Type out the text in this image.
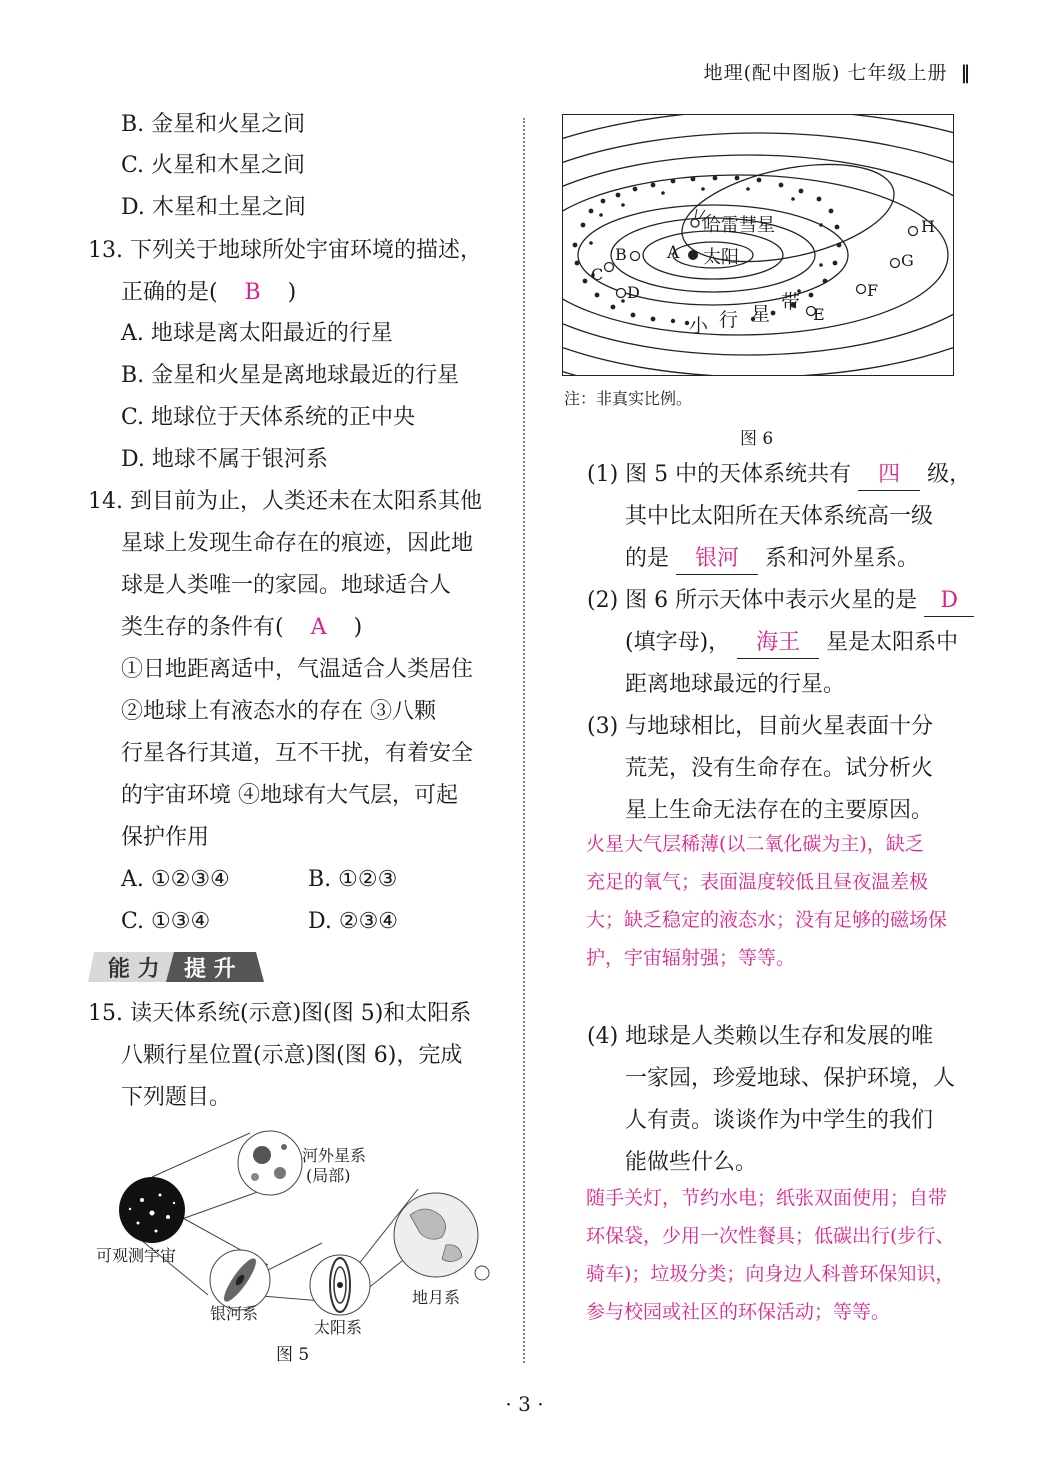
地理(配中图版) 七年级上册 ‖
B. 金星和火星之间
C. 火星和木星之间
D. 木星和土星之间
13. 下列关于地球所处宇宙环境的描述，
正确的是( B )
A. 地球是离太阳最近的行星
B. 金星和火星是离地球最近的行星
C. 地球位于天体系统的正中央
D. 地球不属于银河系
14. 到目前为止，人类还未在太阳系其他
星球上发现生命存在的痕迹，因此地
球是人类唯一的家园。地球适合人
类生存的条件有( A )
①日地距离适中，气温适合人类居住
②地球上有液态水的存在 ③八颗
行星各行其道，互不干扰，有着安全
的宇宙环境 ④地球有大气层，可起
保护作用
A. ①②③④	B. ①②③
C. ①③④	D. ②③④
能 力 提 升
15. 读天体系统(示意)图(图 5)和太阳系
八颗行星位置(示意)图(图 6)，完成
下列题目。
河外星系
(局部)
可观测宇宙
银河系
太阳系
地月系
图 5
哈雷彗星
A 太阳
B
C
D
E
F
G
H
小 行 星
带
注：非真实比例。
图 6
(1) 图 5 中的天体系统共有 四 级，
其中比太阳所在天体系统高一级
的是 银河 系和河外星系。
(2) 图 6 所示天体中表示火星的是 D
(填字母)， 海王 星是太阳系中
距离地球最远的行星。
(3) 与地球相比，目前火星表面十分
荒芜，没有生命存在。试分析火
星上生命无法存在的主要原因。
火星大气层稀薄(以二氧化碳为主)，缺乏
充足的氧气；表面温度较低且昼夜温差极
大；缺乏稳定的液态水；没有足够的磁场保
护，宇宙辐射强；等等。
(4) 地球是人类赖以生存和发展的唯
一家园，珍爱地球、保护环境，人
人有责。谈谈作为中学生的我们
能做些什么。
随手关灯，节约水电；纸张双面使用；自带
环保袋，少用一次性餐具；低碳出行(步行、
骑车)；垃圾分类；向身边人科普环保知识，
参与校园或社区的环保活动；等等。
· 3 ·
